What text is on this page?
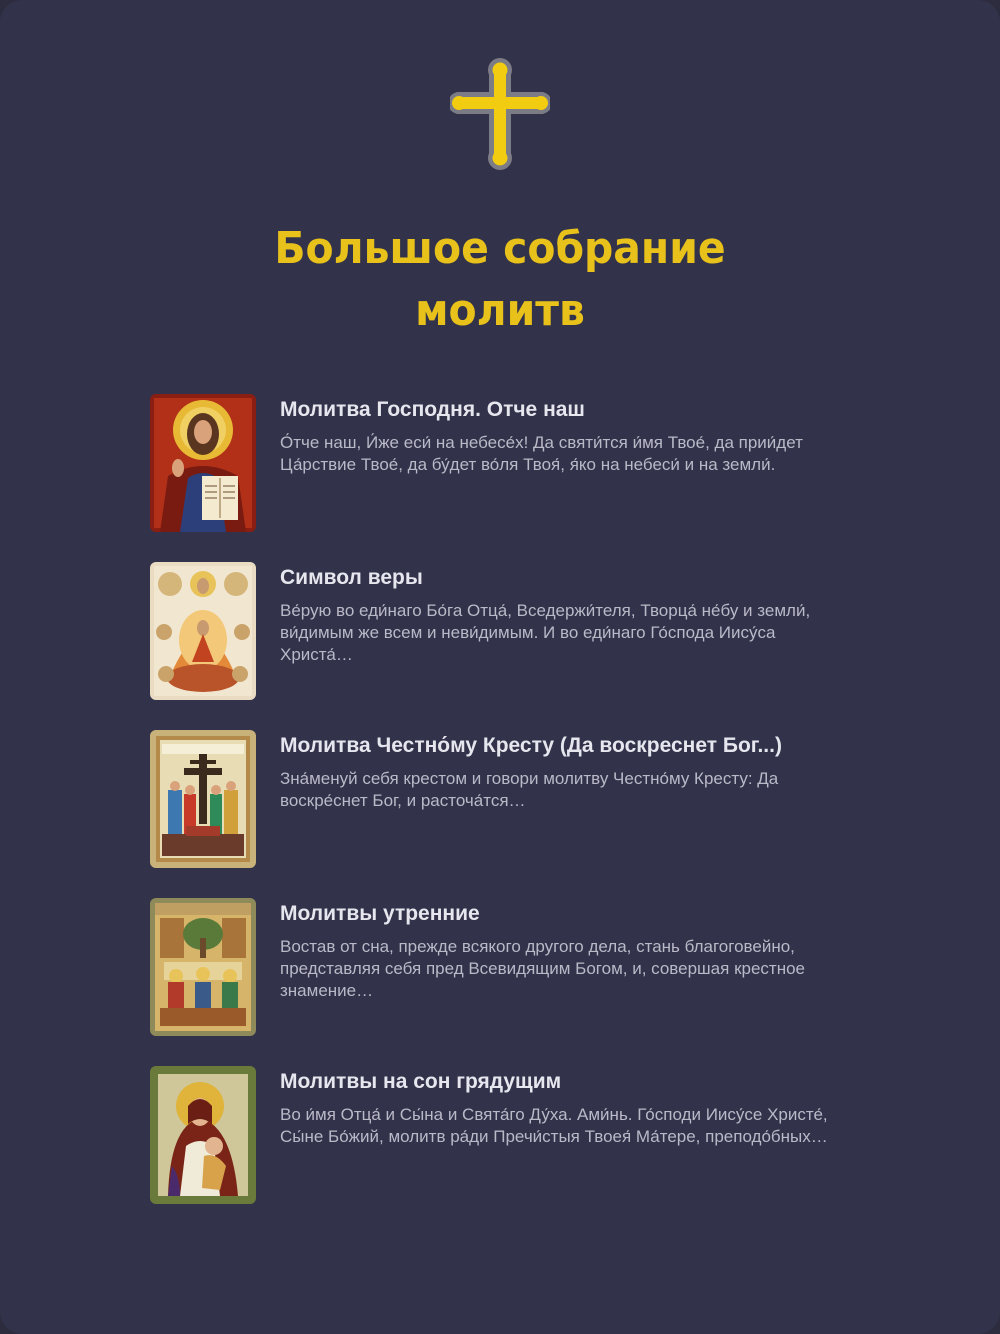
Большое собрание
молитв
Молитва Господня. Отче наш
О́тче наш, И́же еси́ на небесе́х! Да святи́тся и́мя Твое́, да прии́дет Ца́рствие Твое́, да бу́дет во́ля Твоя́, я́ко на небеси́ и на земли́.
Символ веры
Ве́рую во еди́наго Бо́га Отца́, Вседержи́теля, Творца́ не́бу и земли́, ви́димым же всем и неви́димым. И во еди́наго Го́спода Иису́са Христа́…
Молитва Честно́му Кресту (Да воскреснет Бог...)
Зна́менуй себя крестом и говори молитву Честно́му Кресту: Да воскре́снет Бог, и расточа́тся…
Молитвы утренние
Востав от сна, прежде всякого другого дела, стань благоговейно, представляя себя пред Всевидящим Богом, и, совершая крестное знамение…
Молитвы на сон грядущим
Во и́мя Отца́ и Сы́на и Свята́го Ду́ха. Ами́нь. Го́споди Иису́се Христе́, Сы́не Бо́жий, молитв ра́ди Пречи́стыя Твоея́ Ма́тере, преподо́бных…
